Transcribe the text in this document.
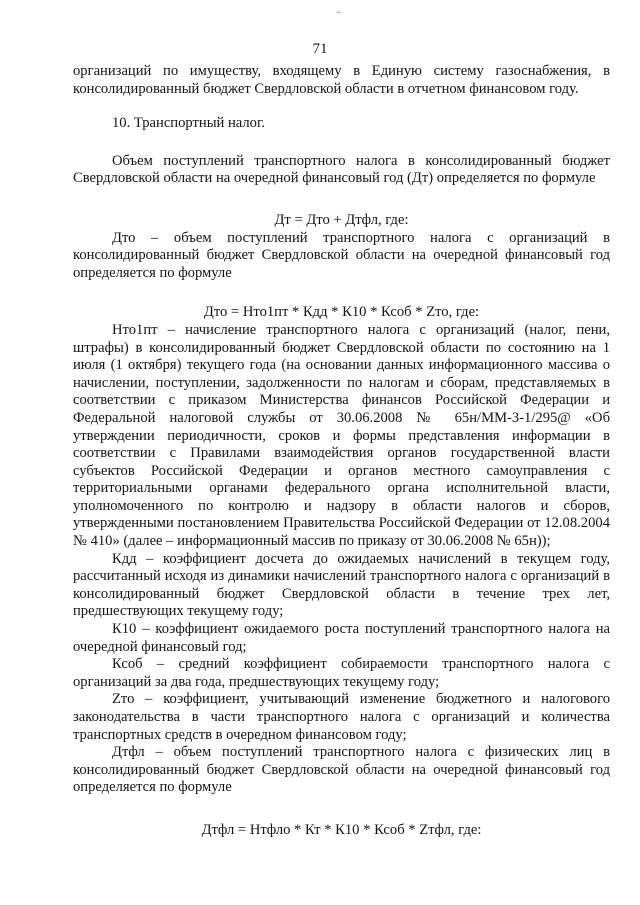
..
71

организаций по имуществу, входящему в Единую систему газоснабжения, в консолидированный бюджет Свердловской области в отчетном финансовом году.

10. Транспортный налог.

Объем поступлений транспортного налога в консолидированный бюджет Свердловской области на очередной финансовый год (Дт) определяется по формуле

Дт = Дто + Дтфл, где:

Дто – объем поступлений транспортного налога с организаций в консолидированный бюджет Свердловской области на очередной финансовый год определяется по формуле

Дто = Нто1пт * Кдд * К10 * Ксоб * Zто, где:

Нто1пт – начисление транспортного налога с организаций (налог, пени, штрафы) в консолидированный бюджет Свердловской области по состоянию на 1 июля (1 октября) текущего года (на основании данных информационного массива о начислении, поступлении, задолженности по налогам и сборам, представляемых в соответствии с приказом Министерства финансов Российской Федерации и Федеральной налоговой службы от 30.06.2008 № 65н/ММ-3-1/295@ «Об утверждении периодичности, сроков и формы представления информации в соответствии с Правилами взаимодействия органов государственной власти субъектов Российской Федерации и органов местного самоуправления с территориальными органами федерального органа исполнительной власти, уполномоченного по контролю и надзору в области налогов и сборов, утвержденными постановлением Правительства Российской Федерации от 12.08.2004 № 410» (далее – информационный массив по приказу от 30.06.2008 № 65н));

Кдд – коэффициент досчета до ожидаемых начислений в текущем году, рассчитанный исходя из динамики начислений транспортного налога с организаций в консолидированный бюджет Свердловской области в течение трех лет, предшествующих текущему году;

К10 – коэффициент ожидаемого роста поступлений транспортного налога на очередной финансовый год;

Ксоб – средний коэффициент собираемости транспортного налога с организаций за два года, предшествующих текущему году;

Zто – коэффициент, учитывающий изменение бюджетного и налогового законодательства в части транспортного налога с организаций и количества транспортных средств в очередном финансовом году;

Дтфл – объем поступлений транспортного налога с физических лиц в консолидированный бюджет Свердловской области на очередной финансовый год определяется по формуле

Дтфл = Нтфло * Кт * К10 * Ксоб * Zтфл, где:
